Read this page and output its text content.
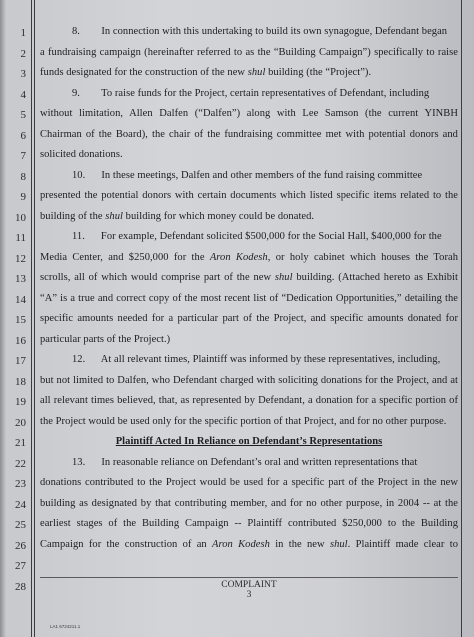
1
2
3
4
5
6
7
8
9
10
11
12
13
14
15
16
17
18
19
20
21
22
23
24
25
26
27
28
8.        In connection with this undertaking to build its own synagogue, Defendant began
a fundraising campaign (hereinafter referred to as the “Building Campaign”) specifically to raise
funds designated for the construction of the new shul building (the “Project”).
9.        To raise funds for the Project, certain representatives of Defendant, including
without limitation, Allen Dalfen (“Dalfen”) along with Lee Samson (the current YINBH
Chairman of the Board), the chair of the fundraising committee met with potential donors and
solicited donations.
10.      In these meetings, Dalfen and other members of the fund raising committee
presented the potential donors with certain documents which listed specific items related to the
building of the shul building for which money could be donated.
11.      For example, Defendant solicited $500,000 for the Social Hall, $400,000 for the
Media Center, and $250,000 for the Aron Kodesh, or holy cabinet which houses the Torah
scrolls, all of which would comprise part of the new shul building. (Attached hereto as Exhibit
“A” is a true and correct copy of the most recent list of “Dedication Opportunities,” detailing the
specific amounts needed for a particular part of the Project, and specific amounts donated for
particular parts of the Project.)
12.      At all relevant times, Plaintiff was informed by these representatives, including,
but not limited to Dalfen, who Defendant charged with soliciting donations for the Project, and at
all relevant times believed, that, as represented by Defendant, a donation for a specific portion of
the Project would be used only for the specific portion of that Project, and for no other purpose.
Plaintiff Acted In Reliance on Defendant’s Representations
13.      In reasonable reliance on Defendant’s oral and written representations that
donations contributed to the Project would be used for a specific part of the Project in the new
building as designated by that contributing member, and for no other purpose, in 2004 -- at the
earliest stages of the Building Campaign -- Plaintiff contributed $250,000 to the Building
Campaign for the construction of an Aron Kodesh in the new shul. Plaintiff made clear to
COMPLAINT
3
LA1 6724211.1
